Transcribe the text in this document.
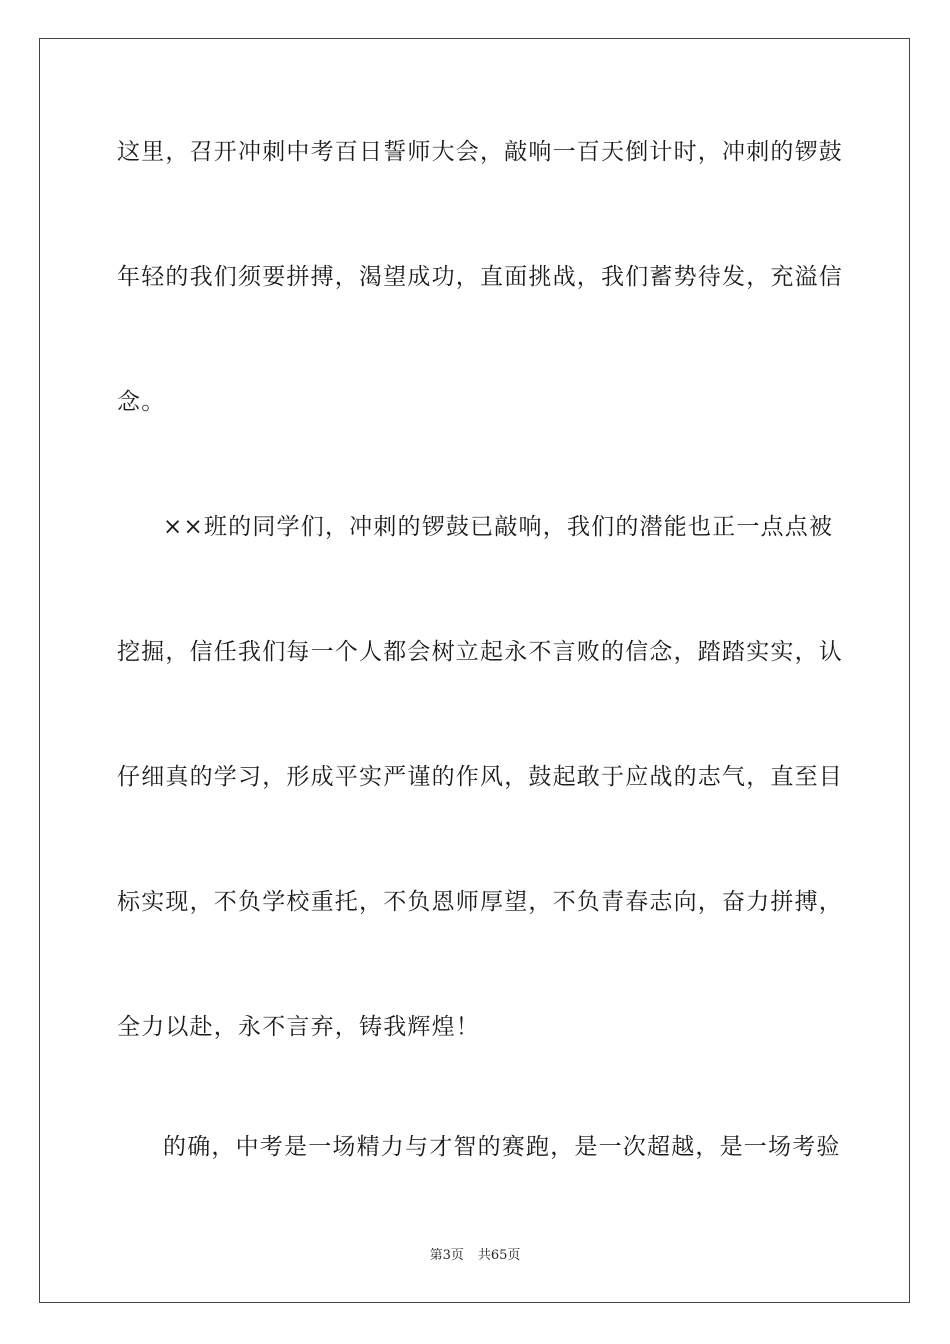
这里，召开冲刺中考百日誓师大会，敲响一百天倒计时，冲刺的锣鼓
年轻的我们须要拼搏，渴望成功，直面挑战，我们蓄势待发，充溢信
念。
××班的同学们，冲刺的锣鼓已敲响，我们的潜能也正一点点被
挖掘，信任我们每一个人都会树立起永不言败的信念，踏踏实实，认
仔细真的学习，形成平实严谨的作风，鼓起敢于应战的志气，直至目
标实现，不负学校重托，不负恩师厚望，不负青春志向，奋力拼搏，
全力以赴，永不言弃，铸我辉煌！
的确，中考是一场精力与才智的赛跑，是一次超越，是一场考验
第3页 共65页
